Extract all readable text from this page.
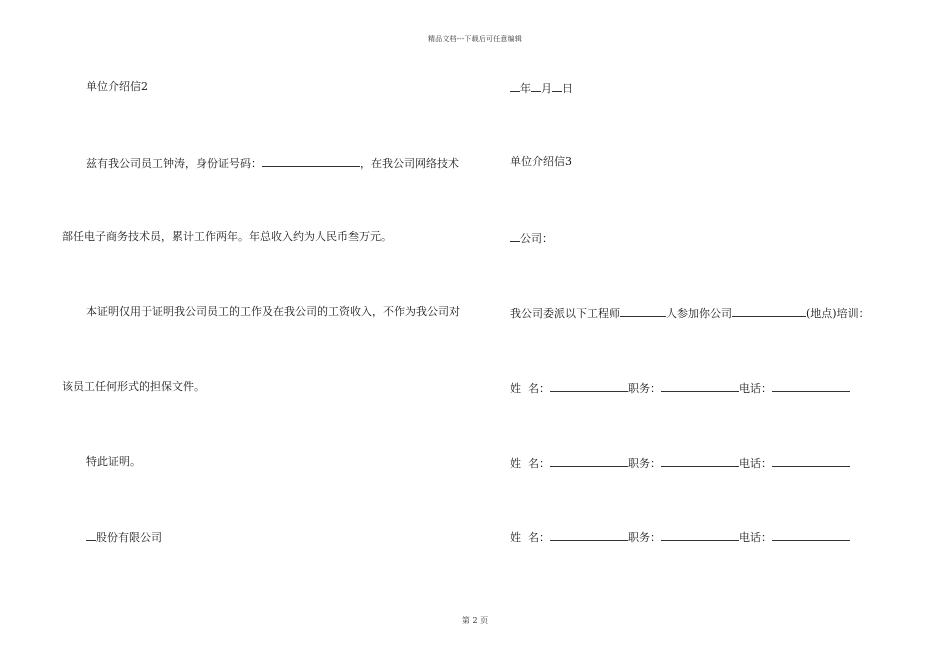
精品文档---下载后可任意编辑
单位介绍信2
兹有我公司员工钟涛，身份证号码：	，在我公司网络技术
部任电子商务技术员，累计工作两年。年总收入约为人民币叁万元。
本证明仅用于证明我公司员工的工作及在我公司的工资收入，不作为我公司对
该员工任何形式的担保文件。
特此证明。
股份有限公司
年 月 日
单位介绍信3
公司：
我公司委派以下工程师	人参加你公司	(地点)培训：
姓  名：	职务：	电话：
姓  名：	职务：	电话：
姓  名：	职务：	电话：
第 2 页
